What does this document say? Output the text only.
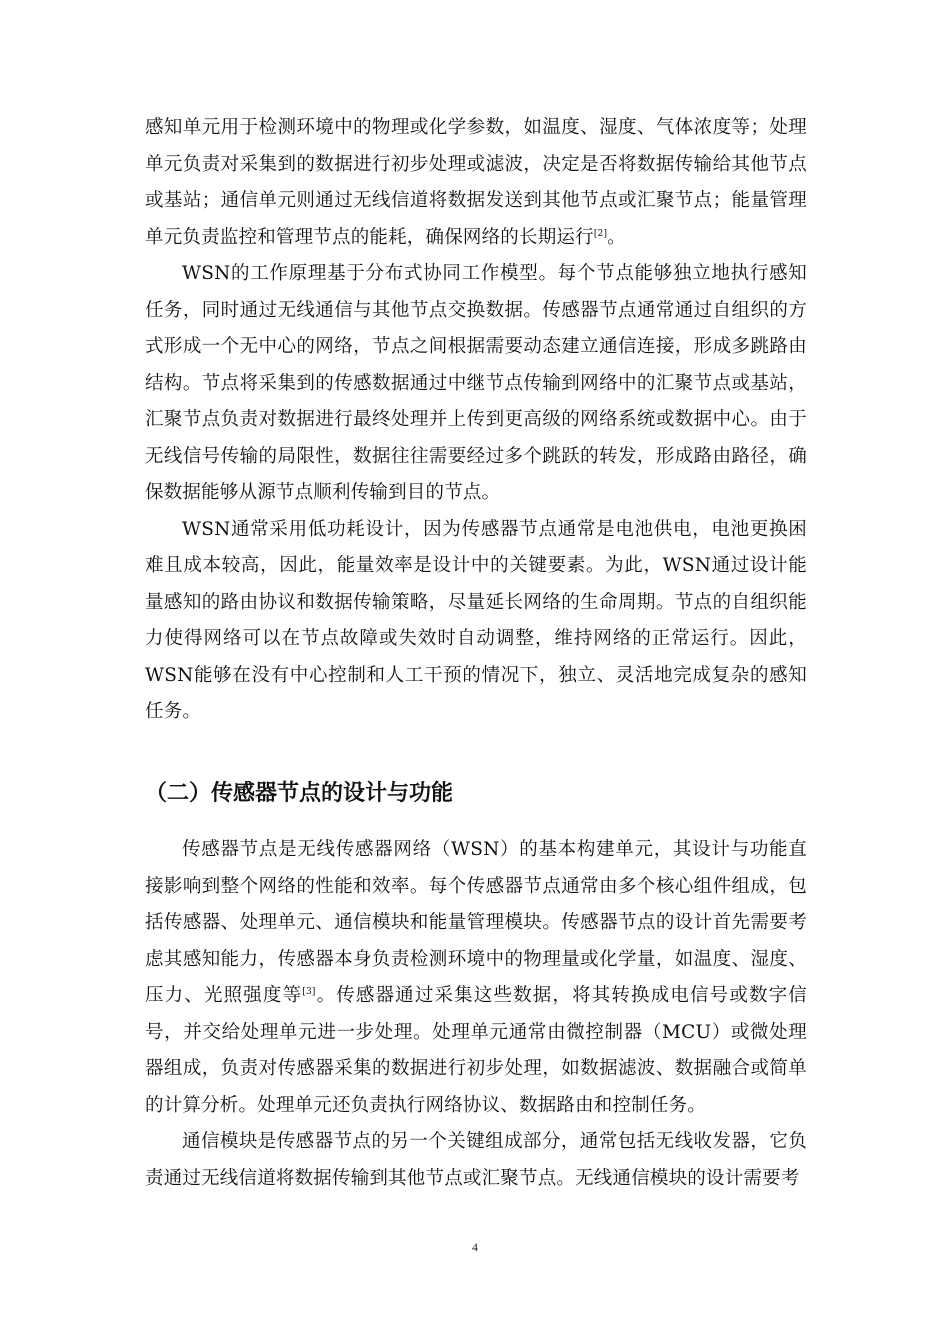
感知单元用于检测环境中的物理或化学参数，如温度、湿度、气体浓度等；处理单元负责对采集到的数据进行初步处理或滤波，决定是否将数据传输给其他节点或基站；通信单元则通过无线信道将数据发送到其他节点或汇聚节点；能量管理单元负责监控和管理节点的能耗，确保网络的长期运行[2]。

WSN的工作原理基于分布式协同工作模型。每个节点能够独立地执行感知任务，同时通过无线通信与其他节点交换数据。传感器节点通常通过自组织的方式形成一个无中心的网络，节点之间根据需要动态建立通信连接，形成多跳路由结构。节点将采集到的传感数据通过中继节点传输到网络中的汇聚节点或基站，汇聚节点负责对数据进行最终处理并上传到更高级的网络系统或数据中心。由于无线信号传输的局限性，数据往往需要经过多个跳跃的转发，形成路由路径，确保数据能够从源节点顺利传输到目的节点。

WSN通常采用低功耗设计，因为传感器节点通常是电池供电，电池更换困难且成本较高，因此，能量效率是设计中的关键要素。为此，WSN通过设计能量感知的路由协议和数据传输策略，尽量延长网络的生命周期。节点的自组织能力使得网络可以在节点故障或失效时自动调整，维持网络的正常运行。因此，WSN能够在没有中心控制和人工干预的情况下，独立、灵活地完成复杂的感知任务。

（二）传感器节点的设计与功能

传感器节点是无线传感器网络（WSN）的基本构建单元，其设计与功能直接影响到整个网络的性能和效率。每个传感器节点通常由多个核心组件组成，包括传感器、处理单元、通信模块和能量管理模块。传感器节点的设计首先需要考虑其感知能力，传感器本身负责检测环境中的物理量或化学量，如温度、湿度、压力、光照强度等[3]。传感器通过采集这些数据，将其转换成电信号或数字信号，并交给处理单元进一步处理。处理单元通常由微控制器（MCU）或微处理器组成，负责对传感器采集的数据进行初步处理，如数据滤波、数据融合或简单的计算分析。处理单元还负责执行网络协议、数据路由和控制任务。

通信模块是传感器节点的另一个关键组成部分，通常包括无线收发器，它负责通过无线信道将数据传输到其他节点或汇聚节点。无线通信模块的设计需要考

4
